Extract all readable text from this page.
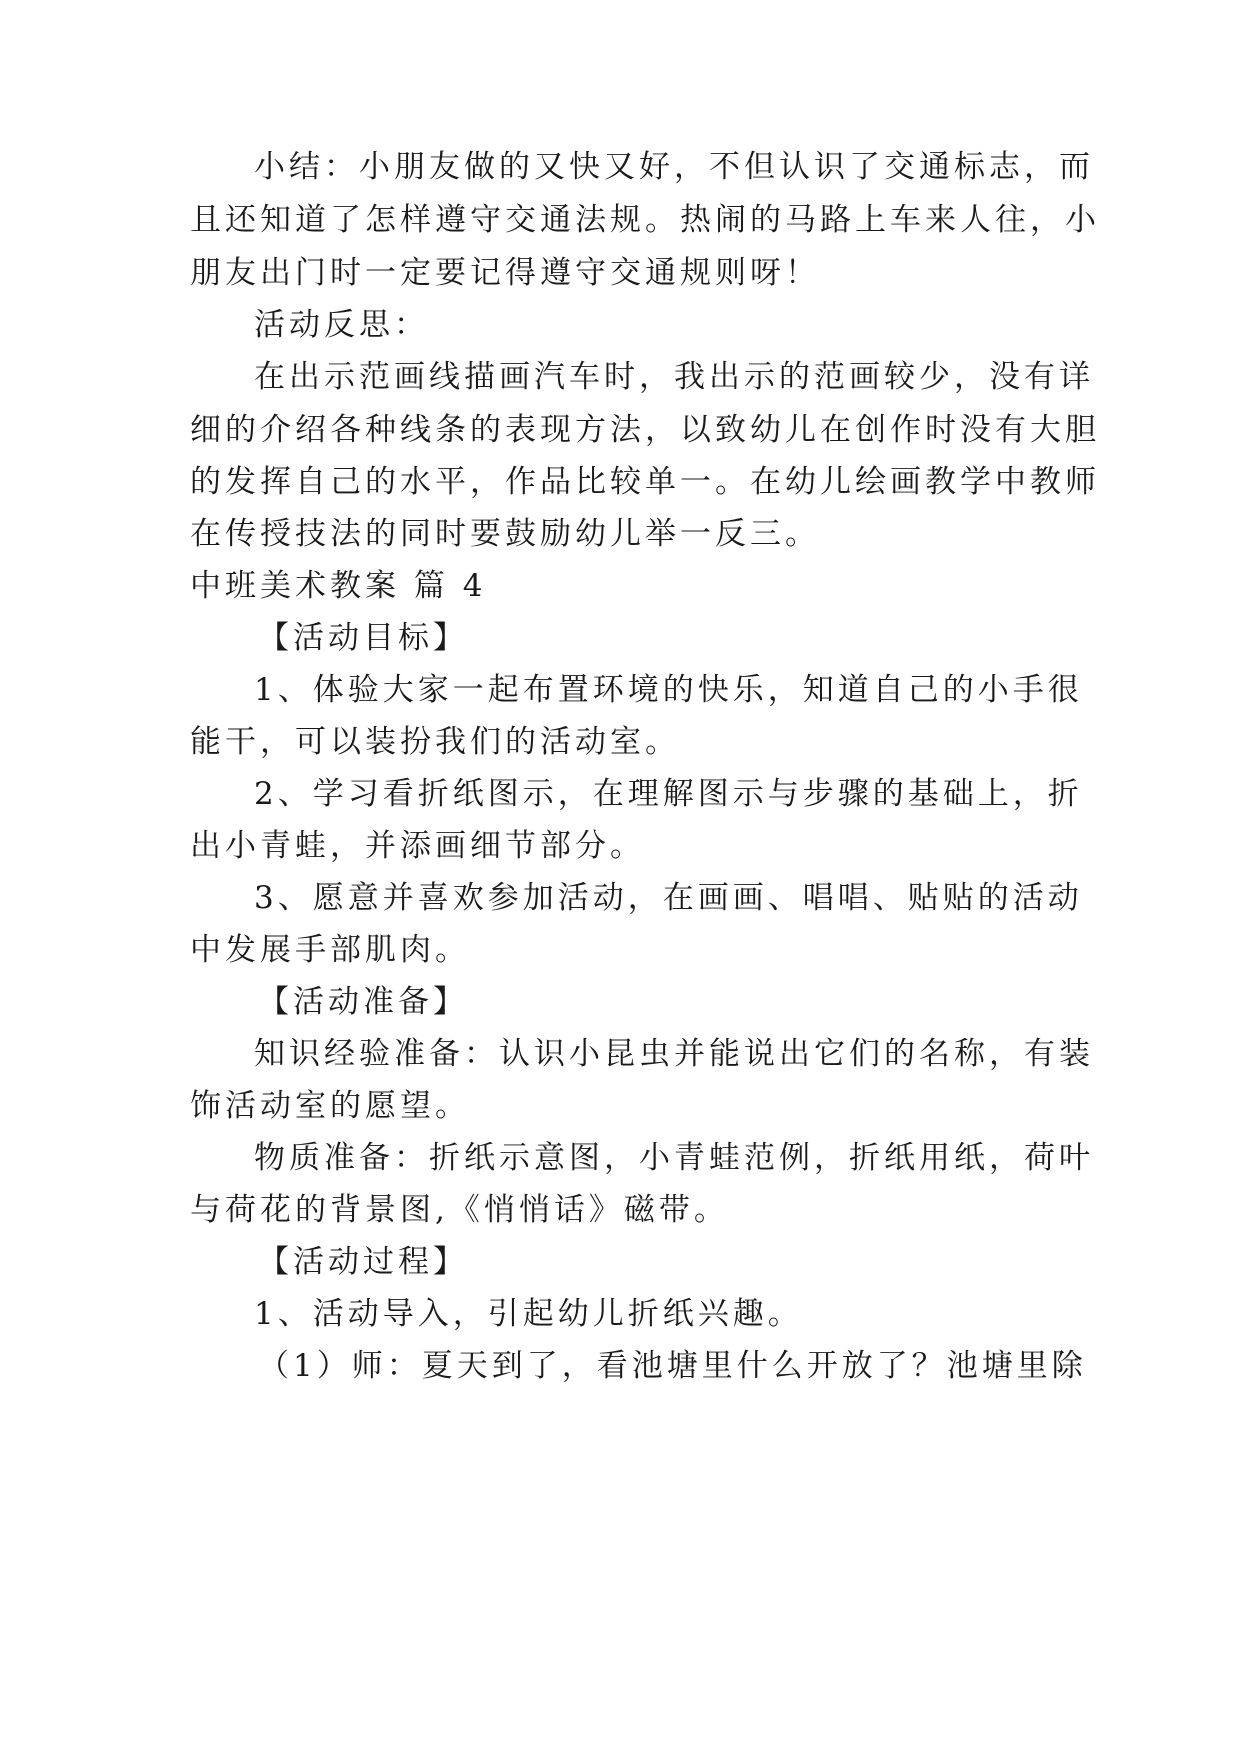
小结：小朋友做的又快又好，不但认识了交通标志，而
且还知道了怎样遵守交通法规。热闹的马路上车来人往，小
朋友出门时一定要记得遵守交通规则呀！
活动反思：
在出示范画线描画汽车时，我出示的范画较少，没有详
细的介绍各种线条的表现方法，以致幼儿在创作时没有大胆
的发挥自己的水平，作品比较单一。在幼儿绘画教学中教师
在传授技法的同时要鼓励幼儿举一反三。
中班美术教案 篇 4
【活动目标】
1、体验大家一起布置环境的快乐，知道自己的小手很
能干，可以装扮我们的活动室。
2、学习看折纸图示，在理解图示与步骤的基础上，折
出小青蛙，并添画细节部分。
3、愿意并喜欢参加活动，在画画、唱唱、贴贴的活动
中发展手部肌肉。
【活动准备】
知识经验准备：认识小昆虫并能说出它们的名称，有装
饰活动室的愿望。
物质准备：折纸示意图，小青蛙范例，折纸用纸，荷叶
与荷花的背景图,《悄悄话》磁带。
【活动过程】
1、活动导入，引起幼儿折纸兴趣。
（1）师：夏天到了，看池塘里什么开放了？池塘里除
